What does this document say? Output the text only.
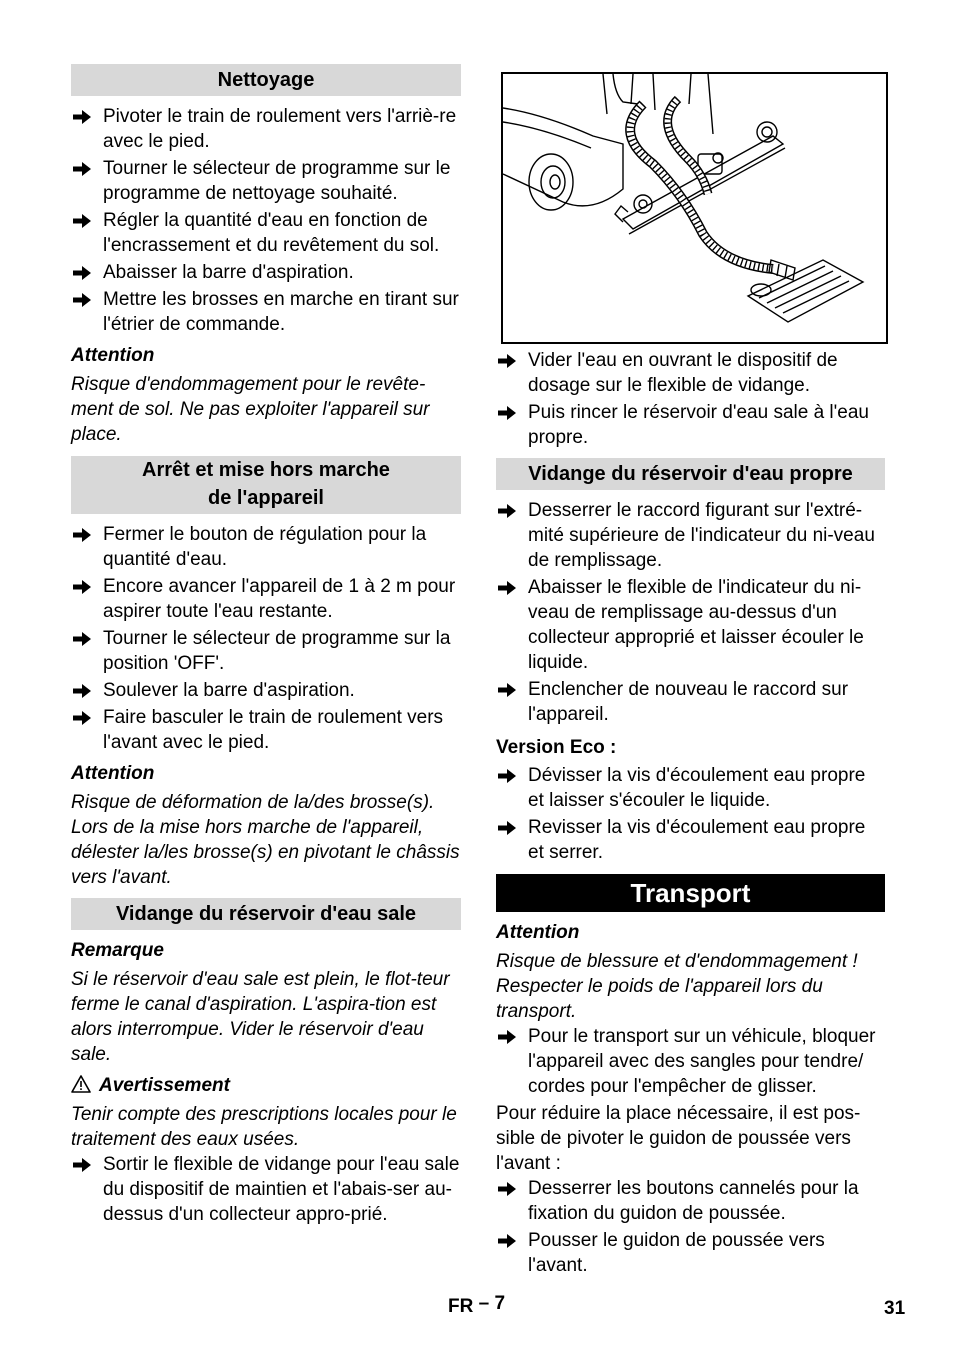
Nettoyage
Pivoter le train de roulement vers l'arriè-re avec le pied.
Tourner le sélecteur de programme sur le programme de nettoyage souhaité.
Régler la quantité d'eau en fonction de l'encrassement et du revêtement du sol.
Abaisser la barre d'aspiration.
Mettre les brosses en marche en tirant sur l'étrier de commande.
Attention
Risque d'endommagement pour le revête-ment de sol. Ne pas exploiter l'appareil sur place.
Arrêt et mise hors marche
de l'appareil
Fermer le bouton de régulation pour la quantité d'eau.
Encore avancer l'appareil de 1 à 2 m pour aspirer toute l'eau restante.
Tourner le sélecteur de programme sur la position 'OFF'.
Soulever la barre d'aspiration.
Faire basculer le train de roulement vers l'avant avec le pied.
Attention
Risque de déformation de la/des brosse(s). Lors de la mise hors marche de l'appareil, délester la/les brosse(s) en pivotant le châssis vers l'avant.
Vidange du réservoir d'eau sale
Remarque
Si le réservoir d'eau sale est plein, le flot-teur ferme le canal d'aspiration. L'aspira-tion est alors interrompue. Vider le réservoir d'eau sale.
Avertissement
Tenir compte des prescriptions locales pour le traitement des eaux usées.
Sortir le flexible de vidange pour l'eau sale du dispositif de maintien et l'abais-ser au-dessus d'un collecteur appro-prié.
Vider l'eau en ouvrant le dispositif de dosage sur le flexible de vidange.
Puis rincer le réservoir d'eau sale à l'eau propre.
Vidange du réservoir d'eau propre
Desserrer le raccord figurant sur l'extré-mité supérieure de l'indicateur du ni-veau de remplissage.
Abaisser le flexible de l'indicateur du ni-veau de remplissage au-dessus d'un collecteur approprié et laisser écouler le liquide.
Enclencher de nouveau le raccord sur l'appareil.
Version Eco :
Dévisser la vis d'écoulement eau propre et laisser s'écouler le liquide.
Revisser la vis d'écoulement eau propre et serrer.
Transport
Attention
Risque de blessure et d'endommagement ! Respecter le poids de l'appareil lors du transport.
Pour le transport sur un véhicule, bloquer l'appareil avec des sangles pour tendre/ cordes pour l'empêcher de glisser.
Pour réduire la place nécessaire, il est pos-sible de pivoter le guidon de poussée vers l'avant :
Desserrer les boutons cannelés pour la fixation du guidon de poussée.
Pousser le guidon de poussée vers l'avant.
FR – 7	31
